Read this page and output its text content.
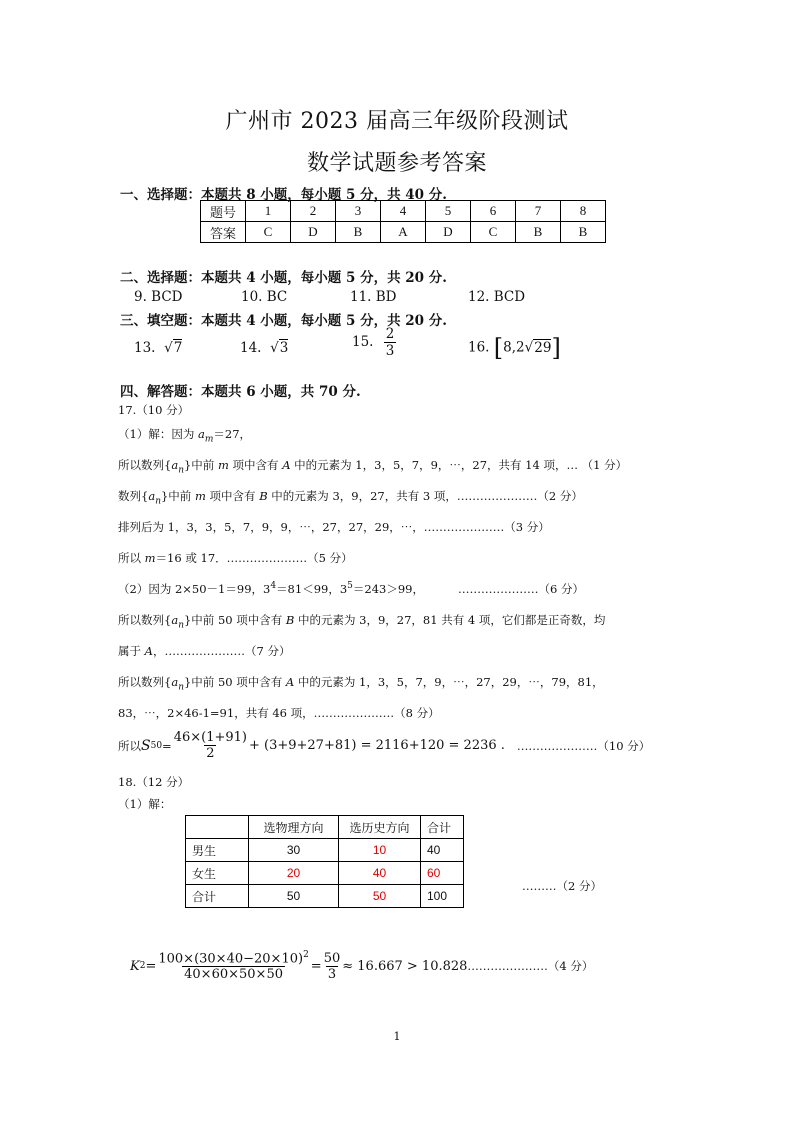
广州市 2023 届高三年级阶段测试
数学试题参考答案
一、选择题：本题共 8 小题，每小题 5 分，共 40 分.
题号	1	2	3	4	5	6	7	8
答案	C	D	B	A	D	C	B	B
二、选择题：本题共 4 小题，每小题 5 分，共 20 分.
9. BCD	10. BC	11. BD	12. BCD
三、填空题：本题共 4 小题，每小题 5 分，共 20 分.
13.  √7	14.  √3	15. $\frac{2}{3}$	16. [8,2√29]
四、解答题：本题共 6 小题，共 70 分.
17.（10 分）
（1）解：因为 $a_m=27$，
所以数列$\{a_n\}$中前 m 项中含有 A 中的元素为 1，3，5，7，9，⋯，27，共有 14 项，… （1 分）
数列$\{a_n\}$中前 m 项中含有 B 中的元素为 3，9，27，共有 3 项，…………………（2 分）
排列后为 1，3，3，5，7，9，9，⋯，27，27，29，⋯，…………………（3 分）
所以 m＝16 或 17．…………………（5 分）
（2）因为 2×50－1＝99，$3^4=81<99$，$3^5=243>99$，	…………………（6 分）
所以数列$\{a_n\}$中前 50 项中含有 B 中的元素为 3，9，27，81 共有 4 项，它们都是正奇数，均
属于 A，…………………（7 分）
所以数列$\{a_n\}$中前 50 项中含有 A 中的元素为 1，3，5，7，9，⋯，27，29，⋯，79，81，
83，⋯，2×46-1=91，共有 46 项，…………………（8 分）
所以 S $50 = \frac{46\times(1+91)}{2} + (3+9+27+81) = 2116+120 = 2236$ . …………………（10 分）
18.（12 分）
（1）解：
	选物理方向	选历史方向	合计
男生	30	10	40
女生	20	40	60
合计	50	50	100
………（2 分）
K $2 = \frac{100\times(30\times 40-20\times 10)^2}{40\times 60\times 50\times 50} = \frac{50}{3} \approx 16.667 > 10.828$ …………………（4 分）
1
